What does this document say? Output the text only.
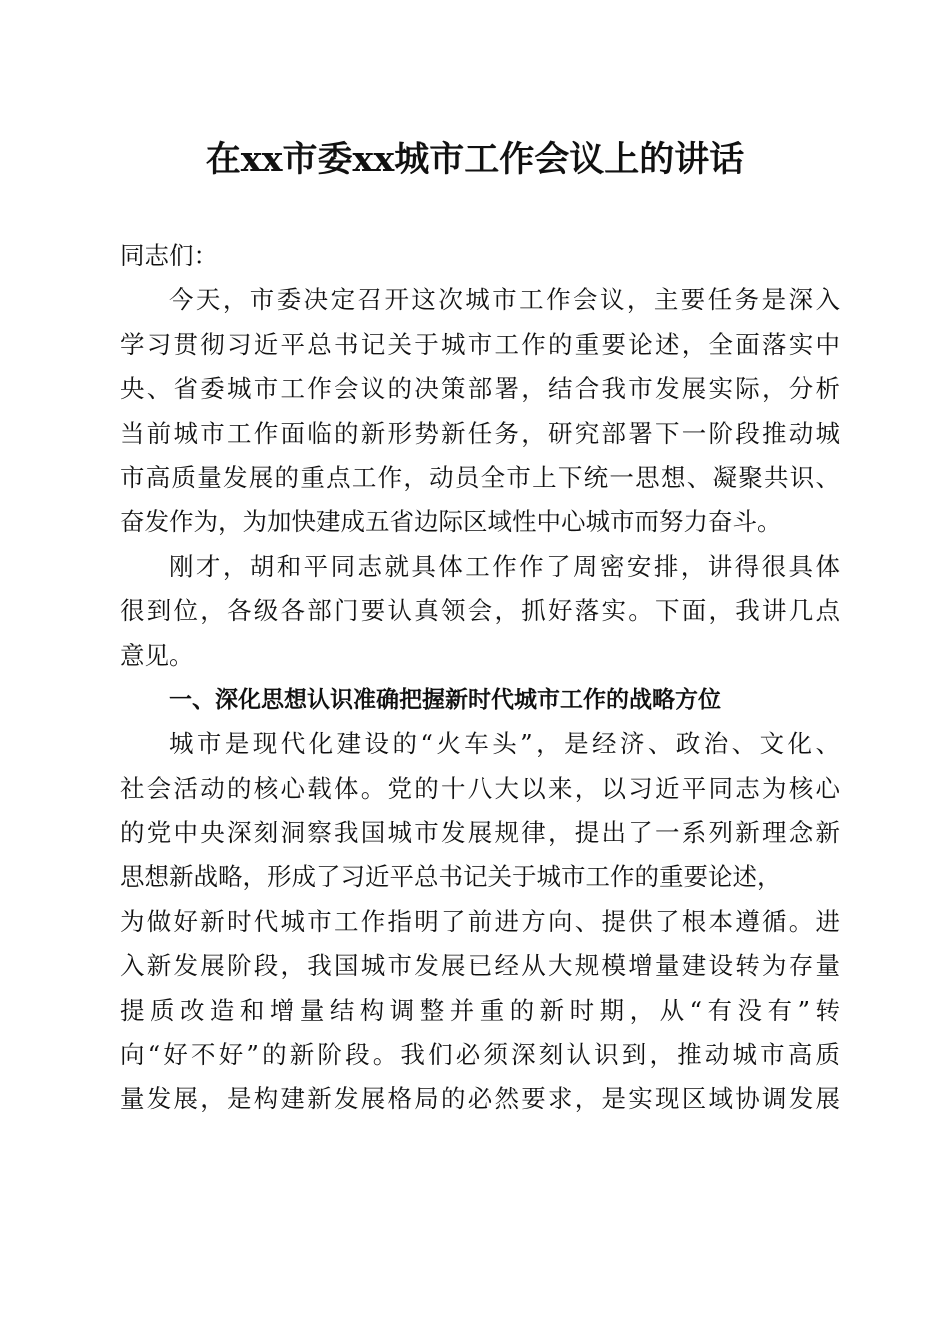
在xx市委xx城市工作会议上的讲话
同志们：
今天，市委决定召开这次城市工作会议，主要任务是深入
学习贯彻习近平总书记关于城市工作的重要论述，全面落实中
央、省委城市工作会议的决策部署，结合我市发展实际，分析
当前城市工作面临的新形势新任务，研究部署下一阶段推动城
市高质量发展的重点工作，动员全市上下统一思想、凝聚共识、
奋发作为，为加快建成五省边际区域性中心城市而努力奋斗。
刚才，胡和平同志就具体工作作了周密安排，讲得很具体
很到位，各级各部门要认真领会，抓好落实。下面，我讲几点
意见。
一、深化思想认识准确把握新时代城市工作的战略方位
城市是现代化建设的“火车头”，是经济、政治、文化、
社会活动的核心载体。党的十八大以来，以习近平同志为核心
的党中央深刻洞察我国城市发展规律，提出了一系列新理念新
思想新战略，形成了习近平总书记关于城市工作的重要论述，
为做好新时代城市工作指明了前进方向、提供了根本遵循。进
入新发展阶段，我国城市发展已经从大规模增量建设转为存量
提质改造和增量结构调整并重的新时期，从“有没有”转
向“好不好”的新阶段。我们必须深刻认识到，推动城市高质
量发展，是构建新发展格局的必然要求，是实现区域协调发展
